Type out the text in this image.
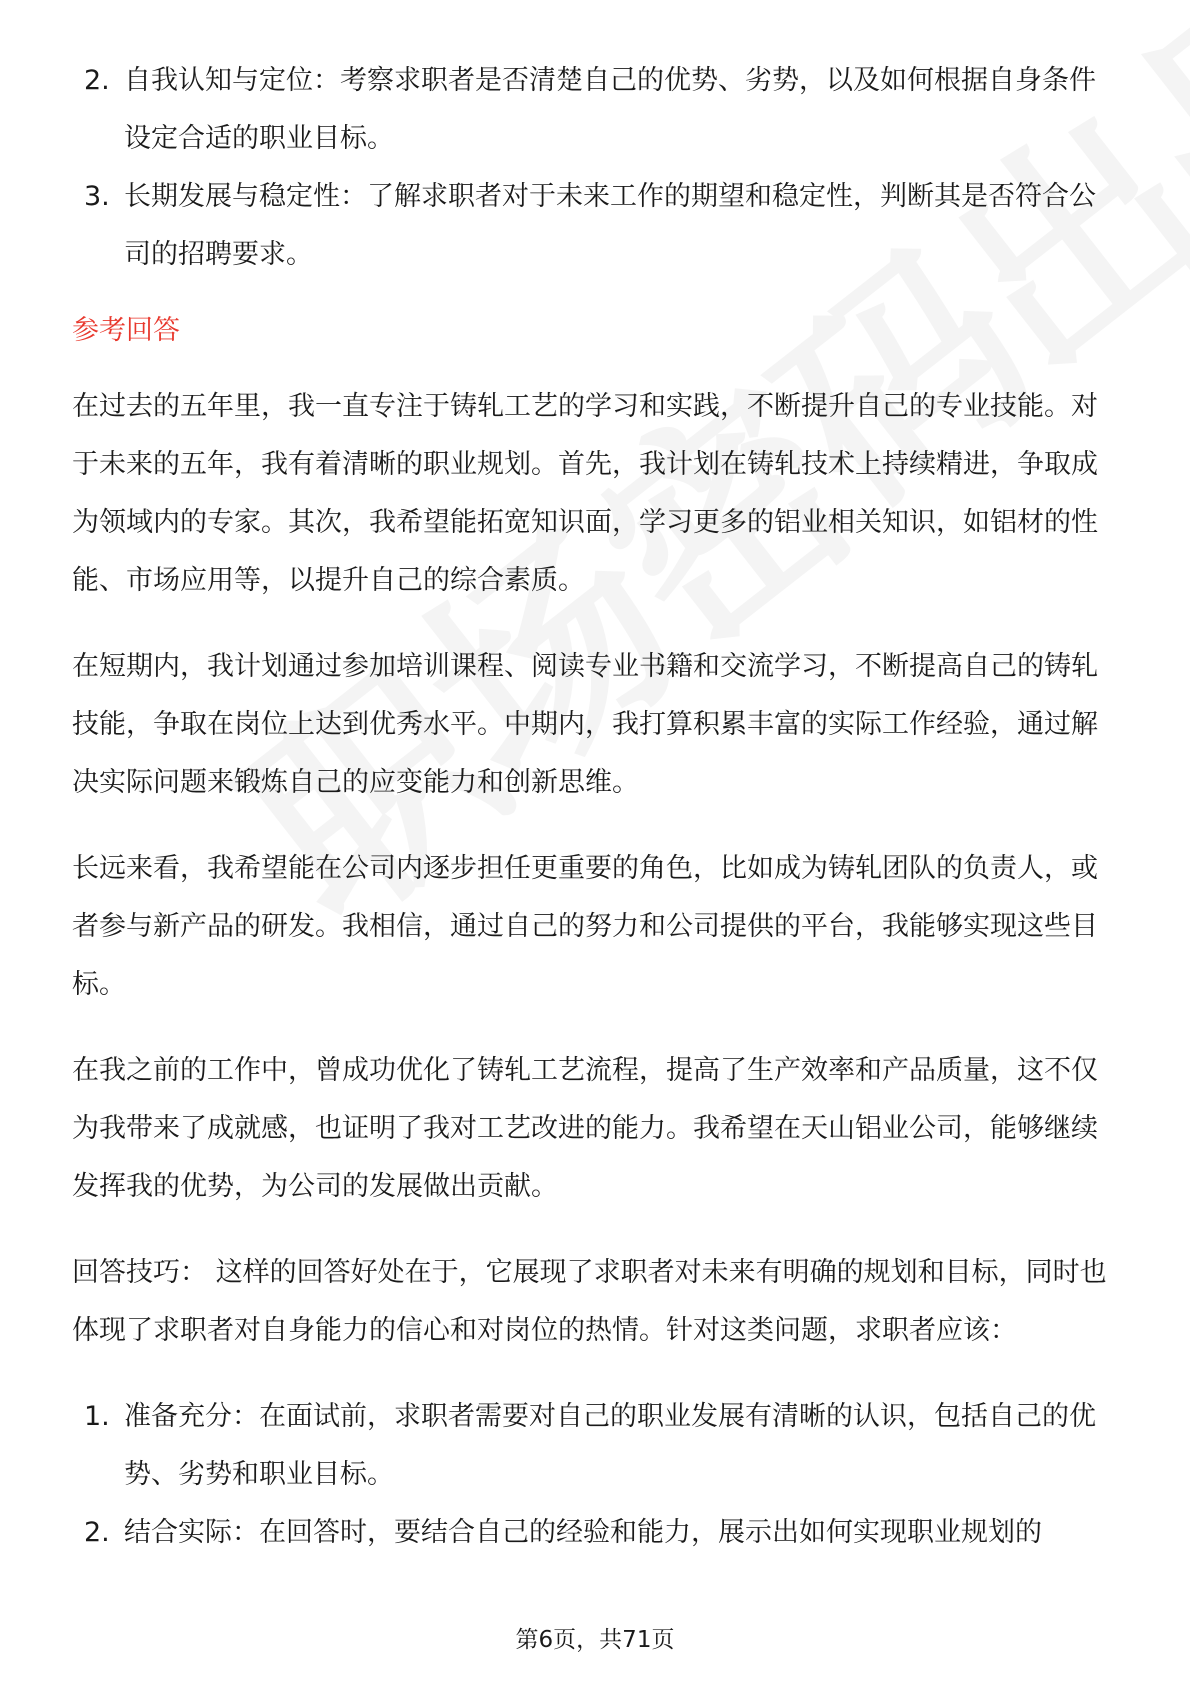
2. 自我认知与定位：考察求职者是否清楚自己的优势、劣势，以及如何根据自身条件设定合适的职业目标。
3. 长期发展与稳定性：了解求职者对于未来工作的期望和稳定性，判断其是否符合公司的招聘要求。
参考回答

在过去的五年里，我一直专注于铸轧工艺的学习和实践，不断提升自己的专业技能。对于未来的五年，我有着清晰的职业规划。首先，我计划在铸轧技术上持续精进，争取成为领域内的专家。其次，我希望能拓宽知识面，学习更多的铝业相关知识，如铝材的性能、市场应用等，以提升自己的综合素质。

在短期内，我计划通过参加培训课程、阅读专业书籍和交流学习，不断提高自己的铸轧技能，争取在岗位上达到优秀水平。中期内，我打算积累丰富的实际工作经验，通过解决实际问题来锻炼自己的应变能力和创新思维。

长远来看，我希望能在公司内逐步担任更重要的角色，比如成为铸轧团队的负责人，或者参与新产品的研发。我相信，通过自己的努力和公司提供的平台，我能够实现这些目标。

在我之前的工作中，曾成功优化了铸轧工艺流程，提高了生产效率和产品质量，这不仅为我带来了成就感，也证明了我对工艺改进的能力。我希望在天山铝业公司，能够继续发挥我的优势，为公司的发展做出贡献。

回答技巧： 这样的回答好处在于，它展现了求职者对未来有明确的规划和目标，同时也体现了求职者对自身能力的信心和对岗位的热情。针对这类问题，求职者应该：

1. 准备充分：在面试前，求职者需要对自己的职业发展有清晰的认识，包括自己的优势、劣势和职业目标。
2. 结合实际：在回答时，要结合自己的经验和能力，展示出如何实现职业规划的
第6页，共71页
